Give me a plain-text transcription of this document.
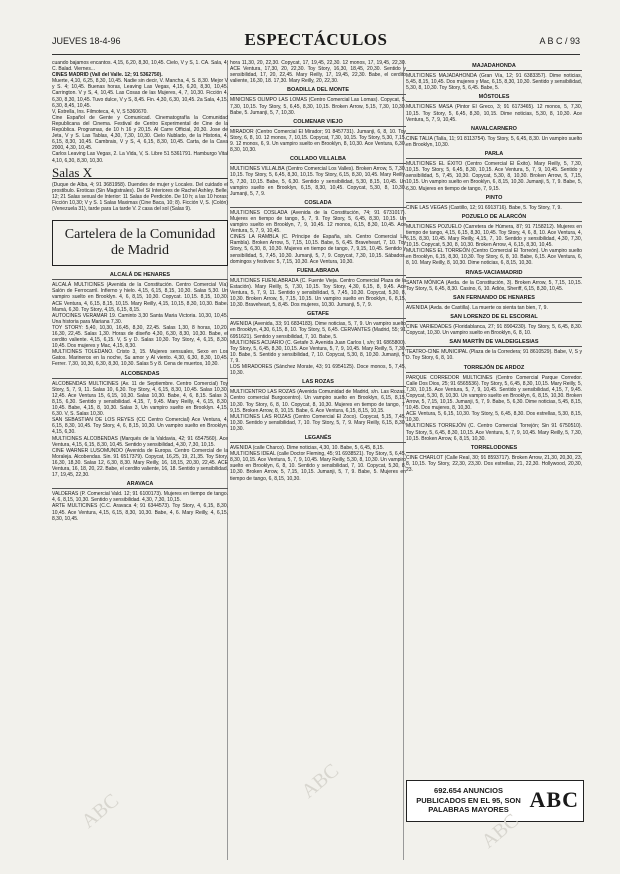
JUEVES 18-4-96	ESPECTÁCULOS	A B C / 93

cuando bajamos encantos. 4,15, 6,20, 8,30, 10,45. Cielo, V y S, 1. CA. Sala, 4; C. Balad. Viernes...

CINES MADRID (Vall del Valle. 12; 91 5362750).

Muerte, 4,10, 6,25, 8,30, 10,45. Nadie sin decir, V. Mancha, 4, S. 8,30. Mejor V y S. 4; 10,45. Buenas horas, Leaving Las Vegas, 4,15, 6,20, 8,30, 10,45. Carrington. V y S, 4, 10,45. Las Cosas de las Mujeres, 4, 7, 10,30. Ficción 4, 6,30, 8,30, 10,45. Tuvo dulce, V y S, 8,45. Fin. 4,30, 6,30, 10,45. 2a Sala, 4,15, 6,30, 8,45, 10,45.

V, Estrella, Ins. Filmoteca, 4, V, S 5360670.

Cine Español de Gente y Comunicad. Cinematografía la Comunidad Republicana del Cinema. Festival de Centro Experimental de Cine de la República. Programas, de 10 h 16 y 20,15. Al Carre Official, 20,30. Jose de Jeta, V y S. Las Tablas, 4,30, 7,30, 10,30. Cielo Nublado, de la Historia, 4, 6,15, 8,30, 10,45. Cambrais, V y S, 4, 6,15, 8,30, 10,45. Carta, de la Cava 2000, 4,30, 10,45.

Carlos Leaving Las Vegas, 2. La Vida, V, S. Libre 51 5361791. Hamburgo Vital 4,10, 6,30, 8,30, 10,30.

Salas X

(Duque de Alba, 4; 91 3681958). Duendes de mujer y Locales. Del cuidado el prostibulo. Eroticas (Sin Magistrales). Del Sí Interiores de Rachel Ashley. Belle, 12; 21 Salas sexual de Interior: 11 Salas de Perdición. De 10 h; a las 10 horas; Ficción 10,30; V y S. 1 Salas Maximas (Cine Baca, 10; 8). Ficción V, S. (Colón) (Venezuela 31), tarde para La tarde V. 2 casa del sol (Salas 9).

Cartelera de la Comunidad de Madrid
ALCALÁ DE HENARES

ALCALÁ MULTICINES (Avenida de la Constitución. Centro Comercial Vía) Salón de Ferrocarril. Infierno y hielo. 4,15, 6,15, 8,15, 10,30. Salas 5,30. Un vampiro suelto en Brooklyn. 4, 6, 8,15, 10,30. Copycat. 10,15. 8,15, 10,30. ACE Ventura, 4, 6,15, 8,15, 10,15. Mary Reilly, 4,15, 10,15, 8,30, 10,30. Babe. Mamá, 6,30. Toy Story, 4,15, 6,15, 8,15.

AUTOCINES VERAMAR 19. Caminto 3,30 Santa Maria Victoria. 10,30, 10,45. Una historia para Mariana 7,30.

TOY STORY: 5,40, 10,30, 16,45, 8,30, 22,45. Salas 1,30, 8 horas, 10,20, 16,30, 22,45. Salas 1,30. Horas de diseño 4,30, 6,30, 8,30, 10,30. Babe, el cerdito valiente. 4,15, 6,15. V, S y D. Salas 10,30. Toy Story, 4, 6,15, 8,30, 10,45. Dos mujeres y Mac, 4,15, 8,30.

MULTICINES TOLEDANO. Cristo 3, 15. Mujeres sensuales, Sexo en Los Gatos. Marineros en la noche, Su amor y Al viento. 4,30, 6,30, 8,30, 10,45. Ferrer. 7,30, 10,30, 6,30, 8,30, 10,30. Salas 5 y 8. Cena de muertos, 10,30.

ALCOBENDAS

ALCOBENDAS MULTICINES (Av. 11 de Septiembre. Centro Comercial) Toy Story, 5, 7, 9, 11. Salas 10, 6,30. Toy Story, 4, 6,15, 8,30, 10,45. Salas 10,30, 12,45. Ace Ventura 15, 6,15, 10,30. Salas 10,30. Babe, 4, 6, 8,15. Salas 3, 8,15, 6,30. Sentido y sensibilidad. 4,15, 7, 9,45. Mary Reilly, 4, 6,15, 8,30, 10,45. Babe, 4,15, 8, 10,30. Salas 3, Un vampiro suelto en Brooklyn. 4,15, 6,30. V, S. Salas 10,30.

SAN SEBASTIAN DE LOS REYES (CC Centro Comercial) Ace Ventura, 4, 6,15, 8,30, 10,45. Toy Story, 4, 6, 8,15, 10,30. Un vampiro suelto en Brooklyn, 4,15, 6,30.

MULTICINES ALCOBENDAS (Marqués de la Valdavia, 42; 91 6547560). Ace Ventura, 4,15, 6,15, 8,30, 10,45. Sentido y sensibilidad, 4,30, 7,30, 10,15.

CINE WARNER LUSOMUNDO (Avenida de Europa. Centro Comercial de la Moraleja. Alcobendas. Sin. 91 6517379). Copycat, 16,25, 19, 21,35. Toy Story, 16,30, 18,30. Salas 12, 6,30, 8,30. Mary Reilly, 16, 18,15, 20,30, 22,45. ACE Ventura, 16, 18, 20, 22. Babe, el cerdito valiente, 16, 18. Sentido y sensibilidad, 17, 19,45, 22,30.

ARAVACA

VALDERAS (P. Comercial Vald. 12; 91 6100173). Mujeres en tiempo de tango. 4, 6, 8,15, 10,30. Sentido y sensibilidad. 4,30, 7,30, 10,15.

ARTE MULTICINES (C.C. Aravaca 4; 91 6344573). Toy Story, 4, 6,15, 8,30, 10,45. Ace Ventura, 4,15, 6,15, 8,30, 10,30. Babe, 4, 6. Mary Reilly, 4, 6,15, 8,30, 10,45.

hora 11,30, 20, 22,30. Copycat, 17, 19,45, 22,30. 12 monos, 17, 19,45, 22,30. ACE Ventura, 17,30, 20, 22,30. Toy Story, 16,30, 18,45, 20,30. Sentido y sensibilidad, 17, 20, 22,45. Mary Reilly, 17, 19,45, 22,30. Babe, el cerdito valiente, 16,30, 18. 17,30. Mary Reilly, 20, 22,30.

BOADILLA DEL MONTE

MINICINES OLIMPO LAS LOMAS (Centro Comercial Las Lomas). Copycat, 5, 7,30, 10,15. Toy Story, 5, 6,45, 8,30, 10,15. Broken Arrow, 5,15, 7,30, 10,30. Babe, 5. Jumanji, 5, 7, 10,30.

COLMENAR VIEJO

MIRADOR (Centro Comercial El Mirador; 91 8457731). Jumanji, 6, 8, 10. Toy Story, 6, 8, 10. 12 monos, 7, 10,15. Copycat, 7,30, 10,15. Toy Story, 5,30, 7,15, 9. 12 monos, 6, 9. Un vampiro suelto en Brooklyn, 8, 10,30. Ace Ventura, 6,30, 8,30, 10,30.

COLLADO VILLALBA

MULTICINES VILLALBA (Centro Comercial Los Valles). Broken Arrow, 5, 7,30, 10,15. Toy Story, 5, 6,45, 8,30, 10,15. Toy Story, 6,15, 8,30, 10,45. Mary Reilly, 5, 7,30, 10,15. Babe, 5, 6,30. Sentido y sensibilidad, 5,30, 8,15, 10,45. Un vampiro suelto en Brooklyn, 6,15, 8,30, 10,45. Copycat, 5,30, 8, 10,30. Jumanji, 5, 7, 9.

COSLADA

MULTICINES COSLADA (Avenida de la Constitución, 74; 91 6731017). Mujeres en tiempo de tango, 5, 7, 9. Toy Story, 5, 6,45, 8,30, 10,15. Un vampiro suelto en Brooklyn, 7, 9, 10,45. 12 monos, 6,15, 8,30, 10,45. Ace Ventura, 5, 7, 9, 10,45.

CINES LA RAMBLA (C. Príncipe de España, s/n. Centro Comercial La Rambla). Broken Arrow, 5, 7,15, 10,15. Babe, 5, 6,45. Braveheart, 7, 10. Toy Story, 5, 6,30, 8, 10,30. Mujeres en tiempo de tango, 7, 9,15, 10,45. Sentido y sensibilidad, 5, 7,45, 10,30. Jumanji, 5, 7, 9. Copycat, 7,30, 10,15. Sábados, domingos y festivos: 5, 7,15, 10,30. Ace Ventura, 10,30.

FUENLABRADA

MULTICINES FUENLABRADA (C. Fuente Vieja. Centro Comercial Plaza de la Estación). Mary Reilly, 5, 7,30, 10,15. Toy Story, 4,30, 6,15, 8, 9,45. Ace Ventura, 5, 7, 9, 11. Sentido y sensibilidad, 5, 7,45, 10,30. Copycat, 5,30, 8, 10,30. Broken Arrow, 5, 7,15, 10,15. Un vampiro suelto en Brooklyn, 6, 8,15, 10,30. Braveheart, 5, 8,45. Dos mujeres, 10,30. Jumanji, 5, 7, 9.

GETAFE

AVENIDA (Avenida, 33; 91 6834183). Dime noticias, 5, 7, 9. Un vampiro suelto en Brooklyn, 4,30, 6,15, 8, 10. Toy Story, 5, 6,45. CERVANTES (Madrid, 55; 91 6951621). Sentido y sensibilidad, 7, 10. Babe, 5.

MULTICINES ACUARIO (C. Getafe 3. Avenida Juan Carlos I, s/n; 91 6865800). Toy Story, 5, 6,45, 8,30, 10,15. Ace Ventura, 5, 7, 9, 10,45. Mary Reilly, 5, 7,30, 10. Babe, 5. Sentido y sensibilidad, 7, 10. Copycat, 5,30, 8, 10,30. Jumanji, 5, 7, 9.

LOS MIRADORES (Sánchez Morate, 43; 91 6954125). Doce monos, 5, 7,45, 10,30.

LAS ROZAS

MULTICENTRO LAS ROZAS (Avenida Comunidad de Madrid, s/n. Las Rozas. Centro comercial Burgocentro). Un vampiro suelto en Brooklyn, 6,15, 8,15, 10,30. Toy Story, 6, 8, 10. Copycat, 8, 10,30. Mujeres en tiempo de tango, 7, 9,15. Broken Arrow, 8, 10,15. Babe, 6. Ace Ventura, 6,15, 8,15, 10,15.

MULTICINES LAS ROZAS (Centro Comercial El Zoco). Copycat, 5,15, 7,45, 10,30. Sentido y sensibilidad, 7, 10. Toy Story, 5, 7, 9. Mary Reilly, 6,15, 8,30, 10,30.

LEGANÉS

AVENIDA (calle Charco). Dime noticias, 4,30, 10. Babe, 5, 6,45, 8,15.

MULTICINES IDEAL (calle Doctor Fleming, 45; 91 6938521). Toy Story, 5, 6,45, 8,30, 10,15. Ace Ventura, 5, 7, 9, 10,45. Mary Reilly, 5,30, 8, 10,30. Un vampiro suelto en Brooklyn, 6, 8, 10. Sentido y sensibilidad, 7, 10. Copycat, 5,30, 8, 10,30. Broken Arrow, 5, 7,15, 10,15. Jumanji, 5, 7, 9. Babe, 5. Mujeres en tiempo de tango, 6, 8,15, 10,30.

MAJADAHONDA

MULTICINES MAJADAHONDA (Gran Vía, 12; 91 6383357). Dime noticias, 5,45, 8,15, 10,45. Dos mujeres y Mac, 6,15, 8,30, 10,30. Sentido y sensibilidad, 5,30, 8, 10,30. Toy Story, 5, 6,45. Babe, 5.

MÓSTOLES

MULTICINES MASA (Pintor El Greco, 3; 91 6173465). 12 monos, 5, 7,30, 10,15. Toy Story, 5, 6,45, 8,30, 10,15. Dime noticias, 5,30, 8, 10,30. Ace Ventura, 5, 7, 9, 10,45.

NAVALCARNERO

CINE TALIA (Talía, 11; 91 8113754). Toy Story, 5, 6,45, 8,30. Un vampiro suelto en Brooklyn, 10,30.

PARLA

MULTICINES EL ÉXITO (Centro Comercial El Éxito). Mary Reilly, 5, 7,30, 10,15. Toy Story, 5, 6,45, 8,30, 10,15. Ace Ventura, 5, 7, 9, 10,45. Sentido y sensibilidad, 5, 7,45, 10,30. Copycat, 5,30, 8, 10,30. Broken Arrow, 5, 7,15, 10,15. Un vampiro suelto en Brooklyn, 6, 8,15, 10,30. Jumanji, 5, 7, 9. Babe, 5, 6,30. Mujeres en tiempo de tango, 7, 9,15.

PINTO

CINE LAS VEGAS (Castillo, 12; 91 6913716). Babe, 5. Toy Story, 7, 9.

POZUELO DE ALARCÓN

MULTICINES POZUELO (Carretera de Húmera, 87; 91 7158212). Mujeres en tiempo de tango, 4,15, 6,15, 8,30, 10,45. Toy Story, 4, 6, 8, 10. Ace Ventura, 4, 6,15, 8,30, 10,45. Mary Reilly, 4,15, 7, 10. Sentido y sensibilidad, 4,30, 7,30, 10,15. Copycat, 5,30, 8, 10,30. Broken Arrow, 4, 6,15, 8,30, 10,45.

MULTICINES EL TORREÓN (Centro Comercial El Torreón). Un vampiro suelto en Brooklyn, 6,15, 8,30, 10,30. Toy Story, 6, 8, 10. Babe, 6,15. Ace Ventura, 6, 8, 10. Mary Reilly, 8, 10,30. Dime noticias, 6, 8,15, 10,30.

RIVAS-VACIAMADRID

SANTA MÓNICA (Avda. de la Constitución, 3). Broken Arrow, 5, 7,15, 10,15. Toy Story, 5, 6,45, 8,30. Casino, 6, 10. Adiós, Sheriff, 6,15, 8,30, 10,45.

SAN FERNANDO DE HENARES

AVENIDA (Avda. de Castilla). La muerte os sienta tan bien, 7, 9.

SAN LORENZO DE EL ESCORIAL

CINE VARIEDADES (Floridablanca, 27; 91 8904230). Toy Story, 5, 6,45, 8,30. Copycat, 10,30. Un vampiro suelto en Brooklyn, 6, 8, 10.

SAN MARTÍN DE VALDEIGLESIAS

TEATRO-CINE MUNICIPAL (Plaza de la Corredera; 91 8610529). Babe, V, S y D. Toy Story, 6, 8, 10.

TORREJÓN DE ARDOZ

PARQUE CORREDOR MULTICINES (Centro Comercial Parque Corredor. Calle Dos Dios, 25; 91 6565536). Toy Story, 5, 6,45, 8,30, 10,15. Mary Reilly, 5, 7,30, 10,15. Ace Ventura, 5, 7, 9, 10,45. Sentido y sensibilidad, 4,15, 7, 9,45. Copycat, 5,30, 8, 10,30. Un vampiro suelto en Brooklyn, 6, 8,15, 10,30. Broken Arrow, 5, 7,15, 10,15. Jumanji, 5, 7, 9. Babe, 5, 6,30. Dime noticias, 5,45, 8,15, 10,45. Dos mujeres, 8, 10,30.

ACE Ventura, 5, 6,15, 10,30. Toy Story, 5, 6,45, 8,30. Dos estrellas, 5,30, 8,15, 10,30.

MULTICINES TORREJÓN (C. Centro Comercial Torrejón; Sin 91 6750510). Toy Story, 5, 6,45, 8,30, 10,15. Ace Ventura, 5, 7, 9, 10,45. Mary Reilly, 5, 7,30, 10,15. Broken Arrow, 6, 8,15, 10,30.

TORRELODONES

CINE CHARLOT (Calle Real, 30; 91 8593717). Broken Arrow, 21,30, 20,30, 23, 8, 10,15. Toy Story, 22,30, 23,30. Dos estrellas, 21, 22,30. Hollywood, 20,30, 23.

692.654 ANUNCIOS PUBLICADOS EN EL 95, SON PALABRAS MAYORES ABC
ABC
ABC
ABC
